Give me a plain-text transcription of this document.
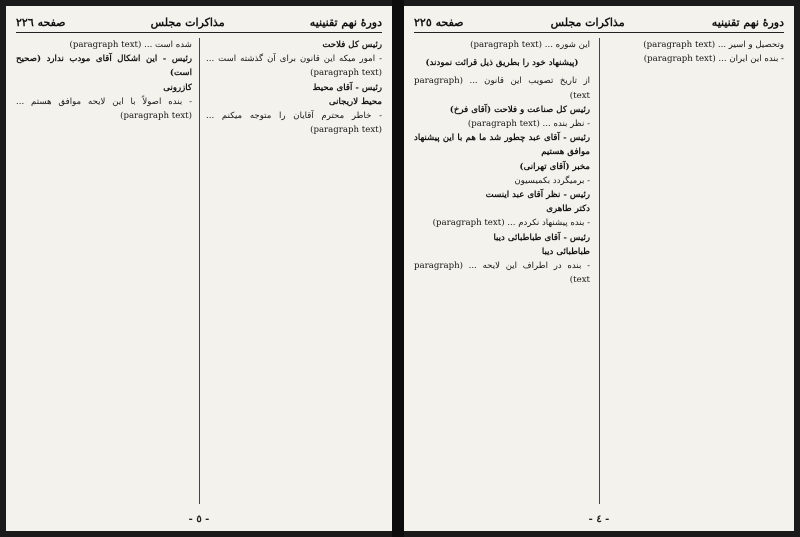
دورهٔ نهم تقنینیه
مذاکرات مجلس
صفحه ٢٢٦

رئیس کل فلاحت

- امور میکه این قانون برای آن گذشته است ... (paragraph text)

رئیس - آقای محیط

محیط لاریجانی

- خاطر محترم آقایان را متوجه میکنم ... (paragraph text)

شده است ... (paragraph text)

رئیس - این اشکال آقای مودب ندارد (صحیح است)

کازرونی

- بنده اصولاً با این لایحه موافق هستم ... (paragraph text)

- ٥ -
دورهٔ نهم تقنینیه
مذاکرات مجلس
صفحه ٢٢٥

وتحصیل و اسیر ... (paragraph text)

- بنده این ایران ... (paragraph text)

این شوره ... (paragraph text)

(پیشنهاد خود را بطریق ذیل قرائت نمودند)

از تاریخ تصویب این قانون ... (paragraph text)

رئیس کل صناعت و فلاحت (آقای فرخ)

- نظر بنده ... (paragraph text)

رئیس - آقای عبد چطور شد ما هم با این پیشنهاد موافق هستیم

مخبر (آقای تهرانی)

- برمیگردد بکمیسیون

رئیس - نظر آقای عبد اینست

دکتر طاهری

- بنده پیشنهاد نکردم ... (paragraph text)

رئیس - آقای طباطبائی دیبا

طباطبائی دیبا

- بنده در اطراف این لایحه ... (paragraph text)

- ٤ -
